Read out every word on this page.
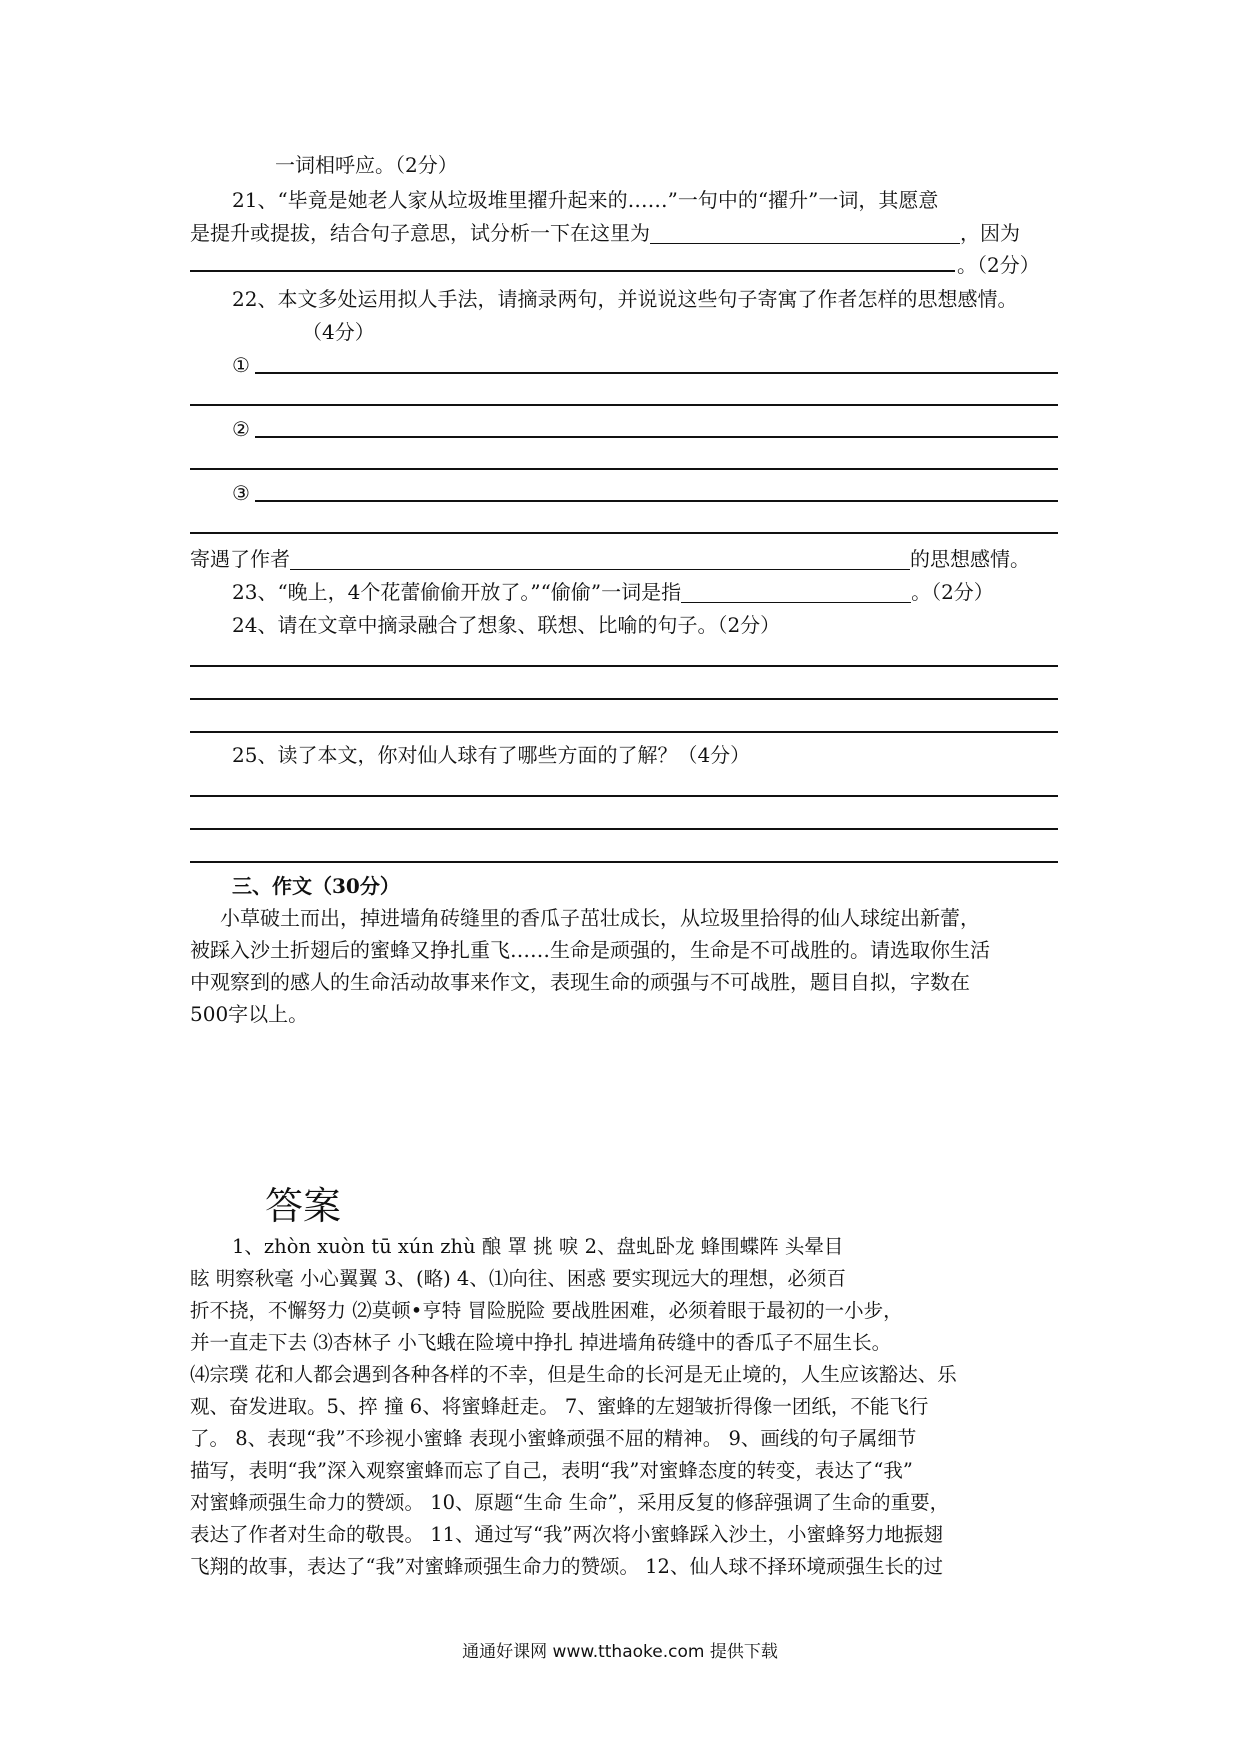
一词相呼应。（2分）
21、“毕竟是她老人家从垃圾堆里擢升起来的……”一句中的“擢升”一词，其愿意
是提升或提拔，结合句子意思，试分析一下在这里为	，因为
。（2分）
22、本文多处运用拟人手法，请摘录两句，并说说这些句子寄寓了作者怎样的思想感情。
（4分）
①
②
③
寄遇了作者	的思想感情。
23、“晚上，4个花蕾偷偷开放了。”“偷偷”一词是指	。（2分）
24、请在文章中摘录融合了想象、联想、比喻的句子。（2分）
25、读了本文，你对仙人球有了哪些方面的了解？（4分）
三、作文（30分）
小草破土而出，掉进墙角砖缝里的香瓜子茁壮成长，从垃圾里拾得的仙人球绽出新蕾，
被踩入沙土折翅后的蜜蜂又挣扎重飞……生命是顽强的，生命是不可战胜的。请选取你生活
中观察到的感人的生命活动故事来作文，表现生命的顽强与不可战胜，题目自拟，字数在
500字以上。
答案
1、zhòn xuòn tū xún zhù 酿 罩 挑 唳 2、盘虬卧龙 蜂围蝶阵 头晕目
眩 明察秋毫 小心翼翼 3、(略) 4、⑴向往、困惑 要实现远大的理想，必须百
折不挠，不懈努力 ⑵莫顿•亨特 冒险脱险 要战胜困难，必须着眼于最初的一小步，
并一直走下去 ⑶杏林子 小飞蛾在险境中挣扎 掉进墙角砖缝中的香瓜子不屈生长。
⑷宗璞 花和人都会遇到各种各样的不幸，但是生命的长河是无止境的，人生应该豁达、乐
观、奋发进取。5、捽 撞 6、将蜜蜂赶走。 7、蜜蜂的左翅皱折得像一团纸，不能飞行
了。 8、表现“我”不珍视小蜜蜂 表现小蜜蜂顽强不屈的精神。 9、画线的句子属细节
描写，表明“我”深入观察蜜蜂而忘了自己，表明“我”对蜜蜂态度的转变，表达了“我”
对蜜蜂顽强生命力的赞颂。 10、原题“生命 生命”，采用反复的修辞强调了生命的重要，
表达了作者对生命的敬畏。 11、通过写“我”两次将小蜜蜂踩入沙土，小蜜蜂努力地振翅
飞翔的故事，表达了“我”对蜜蜂顽强生命力的赞颂。 12、仙人球不择环境顽强生长的过
通通好课网 www.tthaoke.com 提供下载
